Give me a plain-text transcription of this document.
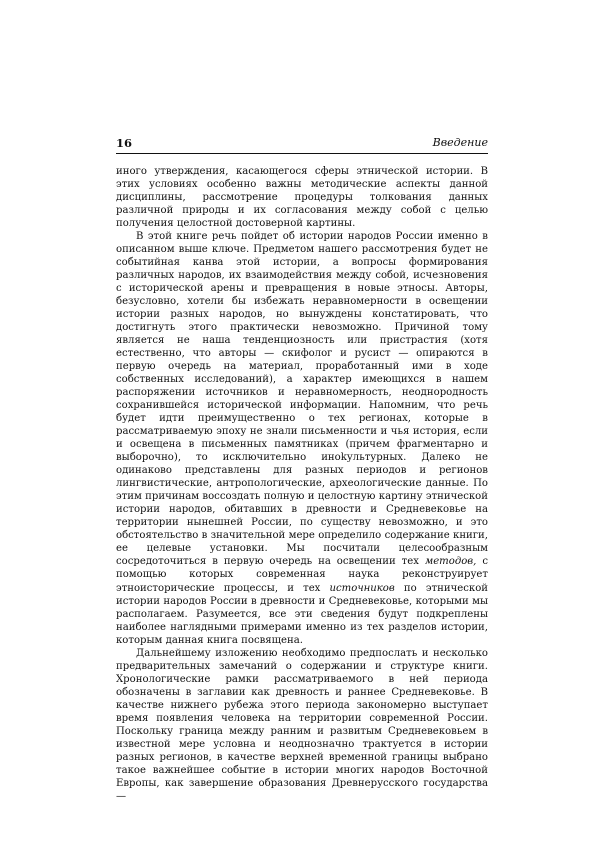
16	Введение

иного утверждения, касающегося сферы этнической истории. В этих условиях особенно важны методические аспекты данной дисциплины, рассмотрение процедуры толкования данных различной природы и их согласования между собой с целью получения целостной достоверной картины.

В этой книге речь пойдет об истории народов России именно в описанном выше ключе. Предметом нашего рассмотрения будет не событийная канва этой истории, а вопросы формирования различных народов, их взаимодействия между собой, исчезновения с исторической арены и превращения в новые этносы. Авторы, безусловно, хотели бы избежать неравномерности в освещении истории разных народов, но вынуждены констатировать, что достигнуть этого практически невозможно. Причиной тому является не наша тенденциозность или пристрастия (хотя естественно, что авторы — скифолог и русист — опираются в первую очередь на материал, проработанный ими в ходе собственных исследований), а характер имеющихся в нашем распоряжении источников и неравномерность, неоднородность сохранившейся исторической информации. Напомним, что речь будет идти преимущественно о тех регионах, которые в рассматриваемую эпоху не знали письменности и чья история, если и освещена в письменных памятниках (причем фрагментарно и выборочно), то исключительно иноkультурных. Далеко не одинаково представлены для разных периодов и регионов лингвистические, антропологические, археологические данные. По этим причинам воссоздать полную и целостную картину этнической истории народов, обитавших в древности и Средневековье на территории нынешней России, по существу невозможно, и это обстоятельство в значительной мере определило содержание книги, ее целевые установки. Мы посчитали целесообразным сосредоточиться в первую очередь на освещении тех методов, с помощью которых современная наука реконструирует этноисторические процессы, и тех источников по этнической истории народов России в древности и Средневековье, которыми мы располагаем. Разумеется, все эти сведения будут подкреплены наиболее наглядными примерами именно из тех разделов истории, которым данная книга посвящена.

Дальнейшему изложению необходимо предпослать и несколько предварительных замечаний о содержании и структуре книги. Хронологические рамки рассматриваемого в ней периода обозначены в заглавии как древность и раннее Средневековье. В качестве нижнего рубежа этого периода закономерно выступает время появления человека на территории современной России. Поскольку граница между ранним и развитым Средневековьем в известной мере условна и неоднозначно трактуется в истории разных регионов, в качестве верхней временной границы выбрано такое важнейшее событие в истории многих народов Восточной Европы, как завершение образования Древнерусского государства —
